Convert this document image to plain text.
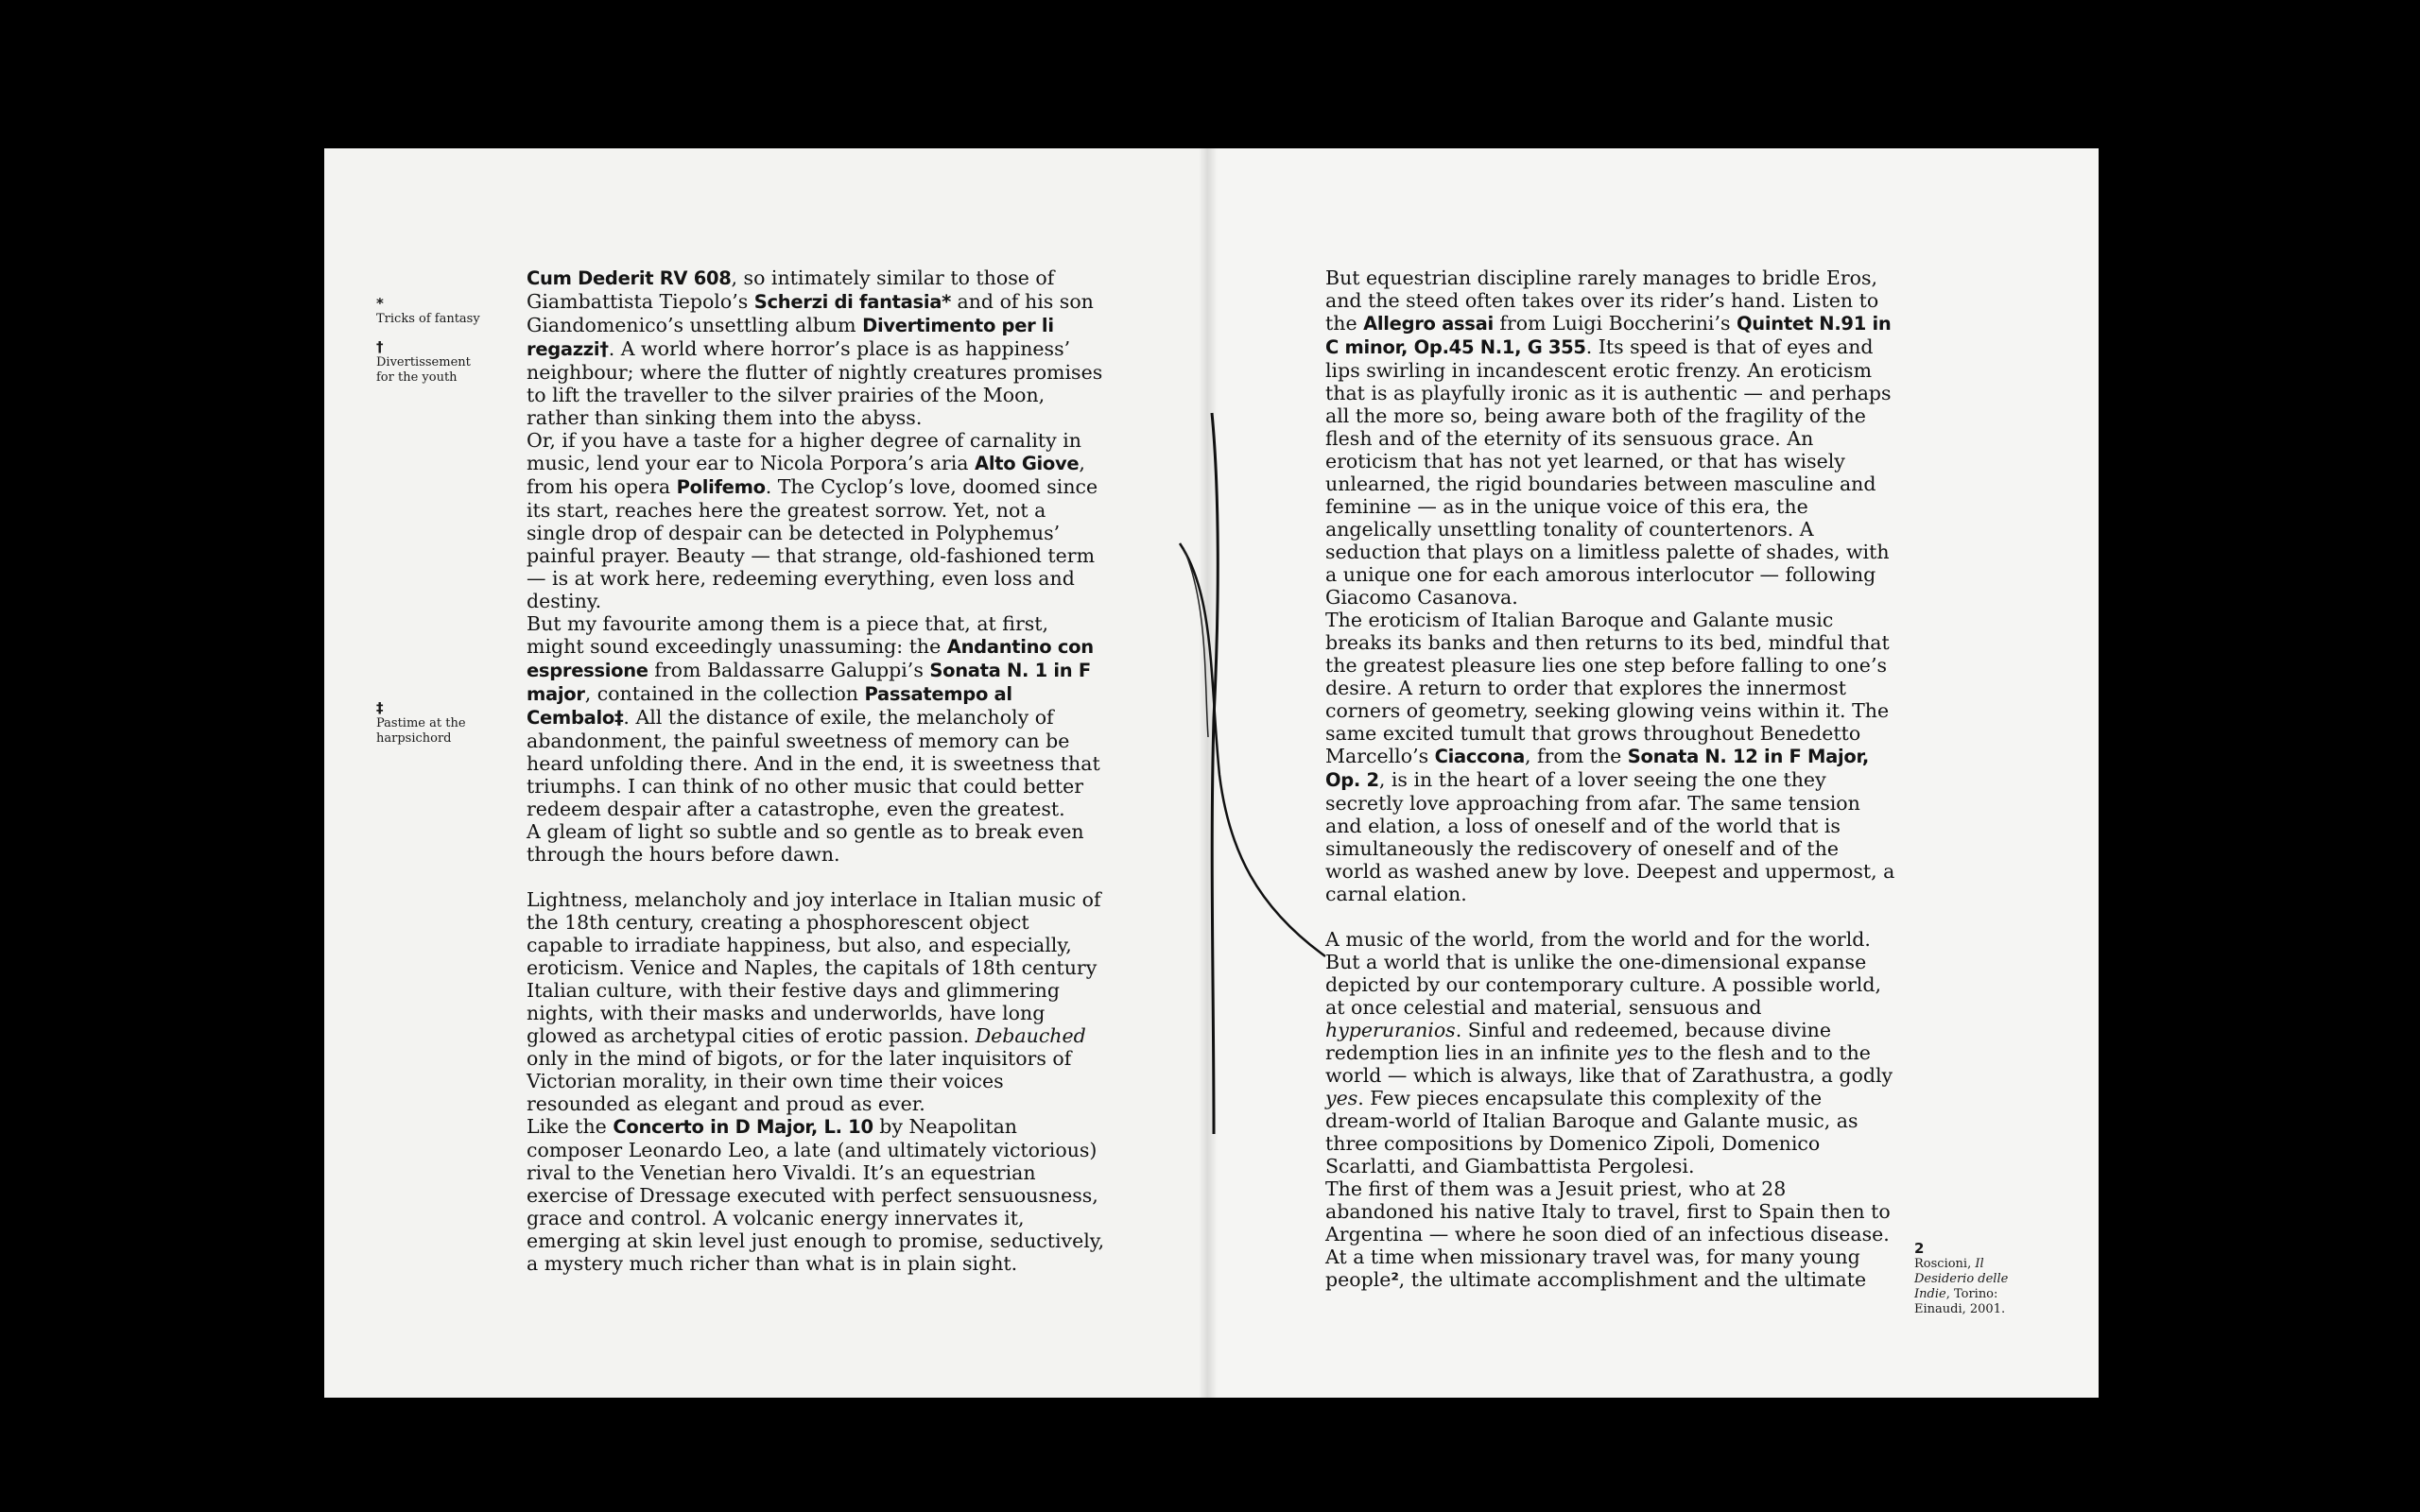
*
Tricks of fantasy
†
Divertissement for the youth
‡
Pastime at the harpsichord

Cum Dederit RV 608, so intimately similar to those of Giambattista Tiepolo’s Scherzi di fantasia* and of his son Giandomenico’s unsettling album Divertimento per li regazzi†. A world where horror’s place is as happiness’ neighbour; where the flutter of nightly creatures promises to lift the traveller to the silver prairies of the Moon, rather than sinking them into the abyss.

Or, if you have a taste for a higher degree of carnality in music, lend your ear to Nicola Porpora’s aria Alto Giove, from his opera Polifemo. The Cyclop’s love, doomed since its start, reaches here the greatest sorrow. Yet, not a single drop of despair can be detected in Polyphemus’ painful prayer. Beauty — that strange, old-fashioned term — is at work here, redeeming everything, even loss and destiny.

But my favourite among them is a piece that, at first, might sound exceedingly unassuming: the Andantino con espressione from Baldassarre Galuppi’s Sonata N. 1 in F major, contained in the collection Passatempo al Cembalo‡. All the distance of exile, the melancholy of abandonment, the painful sweetness of memory can be heard unfolding there. And in the end, it is sweetness that triumphs. I can think of no other music that could better redeem despair after a catastrophe, even the greatest.

A gleam of light so subtle and so gentle as to break even through the hours before dawn.

Lightness, melancholy and joy interlace in Italian music of the 18th century, creating a phosphorescent object capable to irradiate happiness, but also, and especially, eroticism. Venice and Naples, the capitals of 18th century Italian culture, with their festive days and glimmering nights, with their masks and underworlds, have long glowed as archetypal cities of erotic passion. Debauched only in the mind of bigots, or for the later inquisitors of Victorian morality, in their own time their voices resounded as elegant and proud as ever.

Like the Concerto in D Major, L. 10 by Neapolitan composer Leonardo Leo, a late (and ultimately victorious) rival to the Venetian hero Vivaldi. It’s an equestrian exercise of Dressage executed with perfect sensuousness, grace and control. A volcanic energy innervates it, emerging at skin level just enough to promise, seductively, a mystery much richer than what is in plain sight.

But equestrian discipline rarely manages to bridle Eros, and the steed often takes over its rider’s hand. Listen to the Allegro assai from Luigi Boccherini’s Quintet N.91 in C minor, Op.45 N.1, G 355. Its speed is that of eyes and lips swirling in incandescent erotic frenzy. An eroticism that is as playfully ironic as it is authentic — and perhaps all the more so, being aware both of the fragility of the flesh and of the eternity of its sensuous grace. An eroticism that has not yet learned, or that has wisely unlearned, the rigid boundaries between masculine and feminine — as in the unique voice of this era, the angelically unsettling tonality of countertenors. A seduction that plays on a limitless palette of shades, with a unique one for each amorous interlocutor — following Giacomo Casanova.

The eroticism of Italian Baroque and Galante music breaks its banks and then returns to its bed, mindful that the greatest pleasure lies one step before falling to one’s desire. A return to order that explores the innermost corners of geometry, seeking glowing veins within it. The same excited tumult that grows throughout Benedetto Marcello’s Ciaccona, from the Sonata N. 12 in F Major, Op. 2, is in the heart of a lover seeing the one they secretly love approaching from afar. The same tension and elation, a loss of oneself and of the world that is simultaneously the rediscovery of oneself and of the world as washed anew by love. Deepest and uppermost, a carnal elation.

A music of the world, from the world and for the world. But a world that is unlike the one-dimensional expanse depicted by our contemporary culture. A possible world, at once celestial and material, sensuous and hyperuranios. Sinful and redeemed, because divine redemption lies in an infinite yes to the flesh and to the world — which is always, like that of Zarathustra, a godly yes. Few pieces encapsulate this complexity of the dream-world of Italian Baroque and Galante music, as three compositions by Domenico Zipoli, Domenico Scarlatti, and Giambattista Pergolesi.

The first of them was a Jesuit priest, who at 28 abandoned his native Italy to travel, first to Spain then to Argentina — where he soon died of an infectious disease. At a time when missionary travel was, for many young people², the ultimate accomplishment and the ultimate

2
Roscioni, Il Desiderio delle Indie, Torino: Einaudi, 2001.
